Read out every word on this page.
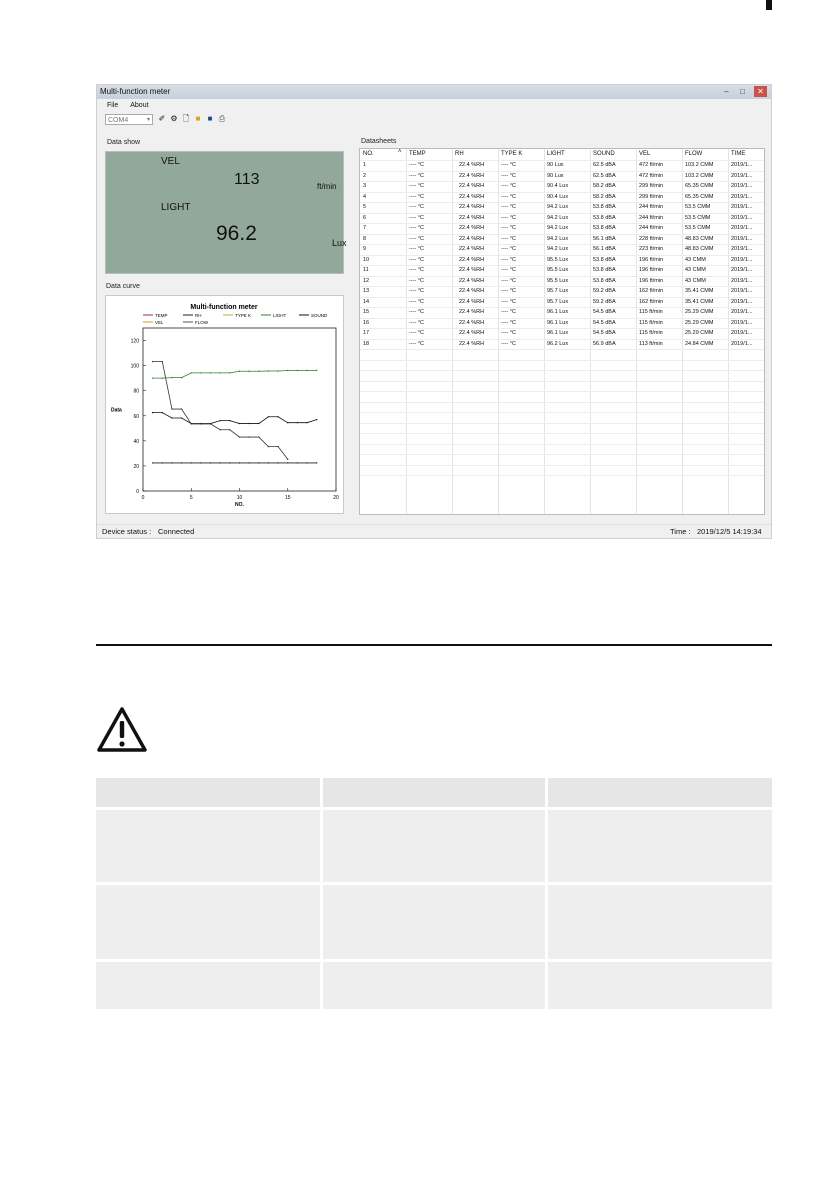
Multi-function meter	–	□	✕
File About
COM4	▾ ✐ ⚙ 🗋 ■ ■ ⎙
Data show
VEL
113	ft/min
LIGHT
96.2	Lux
Data curve
Multi-function meter
TEMP	RH	TYPE K	LIGHT	SOUND
VEL	FLOW
0
20
40
60
80
100
120
0	5	10	15	20
NO.
Data
Datasheets
NO.	TEMP	RH	TYPE K	LIGHT	SOUND	VEL	FLOW	TIME
˄
1	---- °C	22.4 %RH	---- °C	90 Lux	62.5 dBA	472 ft/min	103.2 CMM	2019/1...
2	---- °C	22.4 %RH	---- °C	90 Lux	62.5 dBA	472 ft/min	103.2 CMM	2019/1...
3	---- °C	22.4 %RH	---- °C	90.4 Lux	58.2 dBA	299 ft/min	65.35 CMM	2019/1...
4	---- °C	22.4 %RH	---- °C	90.4 Lux	58.2 dBA	299 ft/min	65.35 CMM	2019/1...
5	---- °C	22.4 %RH	---- °C	94.2 Lux	53.8 dBA	244 ft/min	53.5 CMM	2019/1...
6	---- °C	22.4 %RH	---- °C	94.2 Lux	53.8 dBA	244 ft/min	53.5 CMM	2019/1...
7	---- °C	22.4 %RH	---- °C	94.2 Lux	53.8 dBA	244 ft/min	53.5 CMM	2019/1...
8	---- °C	22.4 %RH	---- °C	94.2 Lux	56.1 dBA	228 ft/min	48.83 CMM	2019/1...
9	---- °C	22.4 %RH	---- °C	94.2 Lux	56.1 dBA	223 ft/min	48.83 CMM	2019/1...
10	---- °C	22.4 %RH	---- °C	95.5 Lux	53.8 dBA	196 ft/min	43 CMM	2019/1...
11	---- °C	22.4 %RH	---- °C	95.5 Lux	53.8 dBA	196 ft/min	43 CMM	2019/1...
12	---- °C	22.4 %RH	---- °C	95.5 Lux	53.8 dBA	196 ft/min	43 CMM	2019/1...
13	---- °C	22.4 %RH	---- °C	95.7 Lux	59.2 dBA	162 ft/min	35.41 CMM	2019/1...
14	---- °C	22.4 %RH	---- °C	95.7 Lux	59.2 dBA	162 ft/min	35.41 CMM	2019/1...
15	---- °C	22.4 %RH	---- °C	96.1 Lux	54.5 dBA	115 ft/min	25.29 CMM	2019/1...
16	---- °C	22.4 %RH	---- °C	96.1 Lux	54.5 dBA	115 ft/min	25.29 CMM	2019/1...
17	---- °C	22.4 %RH	---- °C	96.1 Lux	54.5 dBA	115 ft/min	25.29 CMM	2019/1...
18	---- °C	22.4 %RH	---- °C	96.2 Lux	56.9 dBA	113 ft/min	24.84 CMM	2019/1...
Device status : Connected	Time : 2019/12/5 14:19:34
